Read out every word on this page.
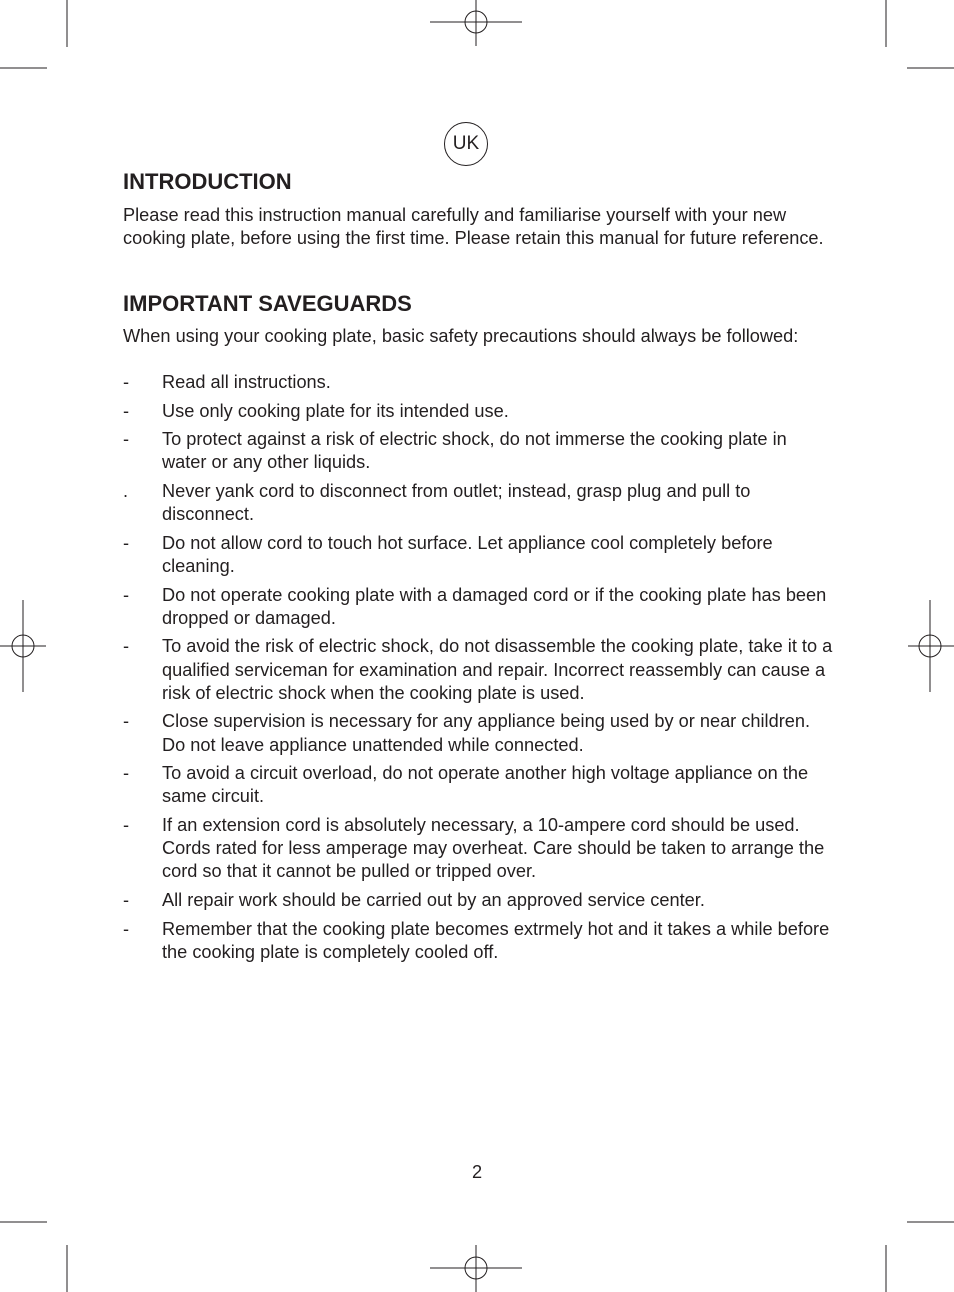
UK
INTRODUCTION

Please read this instruction manual carefully and familiarise yourself with your new cooking plate, before using the first time. Please retain this manual for future reference.

IMPORTANT SAVEGUARDS

When using your cooking plate, basic safety precautions should always be followed:

-	Read all instructions.
-	Use only cooking plate for its intended use.
-	To protect against a risk of electric shock, do not immerse the cooking plate in water or any other liquids.
.	Never yank cord to disconnect from outlet; instead, grasp plug and pull to disconnect.
-	Do not allow cord to touch hot surface. Let appliance cool completely before cleaning.
-	Do not operate cooking plate with a damaged cord or if the cooking plate has been dropped or damaged.
-	To avoid the risk of electric shock, do not disassemble the cooking plate, take it to a qualified serviceman for examination and repair. Incorrect reassembly can cause a risk of electric shock when the cooking plate is used.
-	Close supervision is necessary for any appliance being used by or near children. Do not leave appliance unattended while connected.
-	To avoid a circuit overload, do not operate another high voltage appliance on the same circuit.
-	If an extension cord is absolutely necessary, a 10-ampere cord should be used. Cords rated for less amperage may overheat. Care should be taken to arrange the cord so that it cannot be pulled or tripped over.
-	All repair work should be carried out by an approved service center.
-	Remember that the cooking plate becomes extrmely hot and it takes a while before the cooking plate is completely cooled off.
2
